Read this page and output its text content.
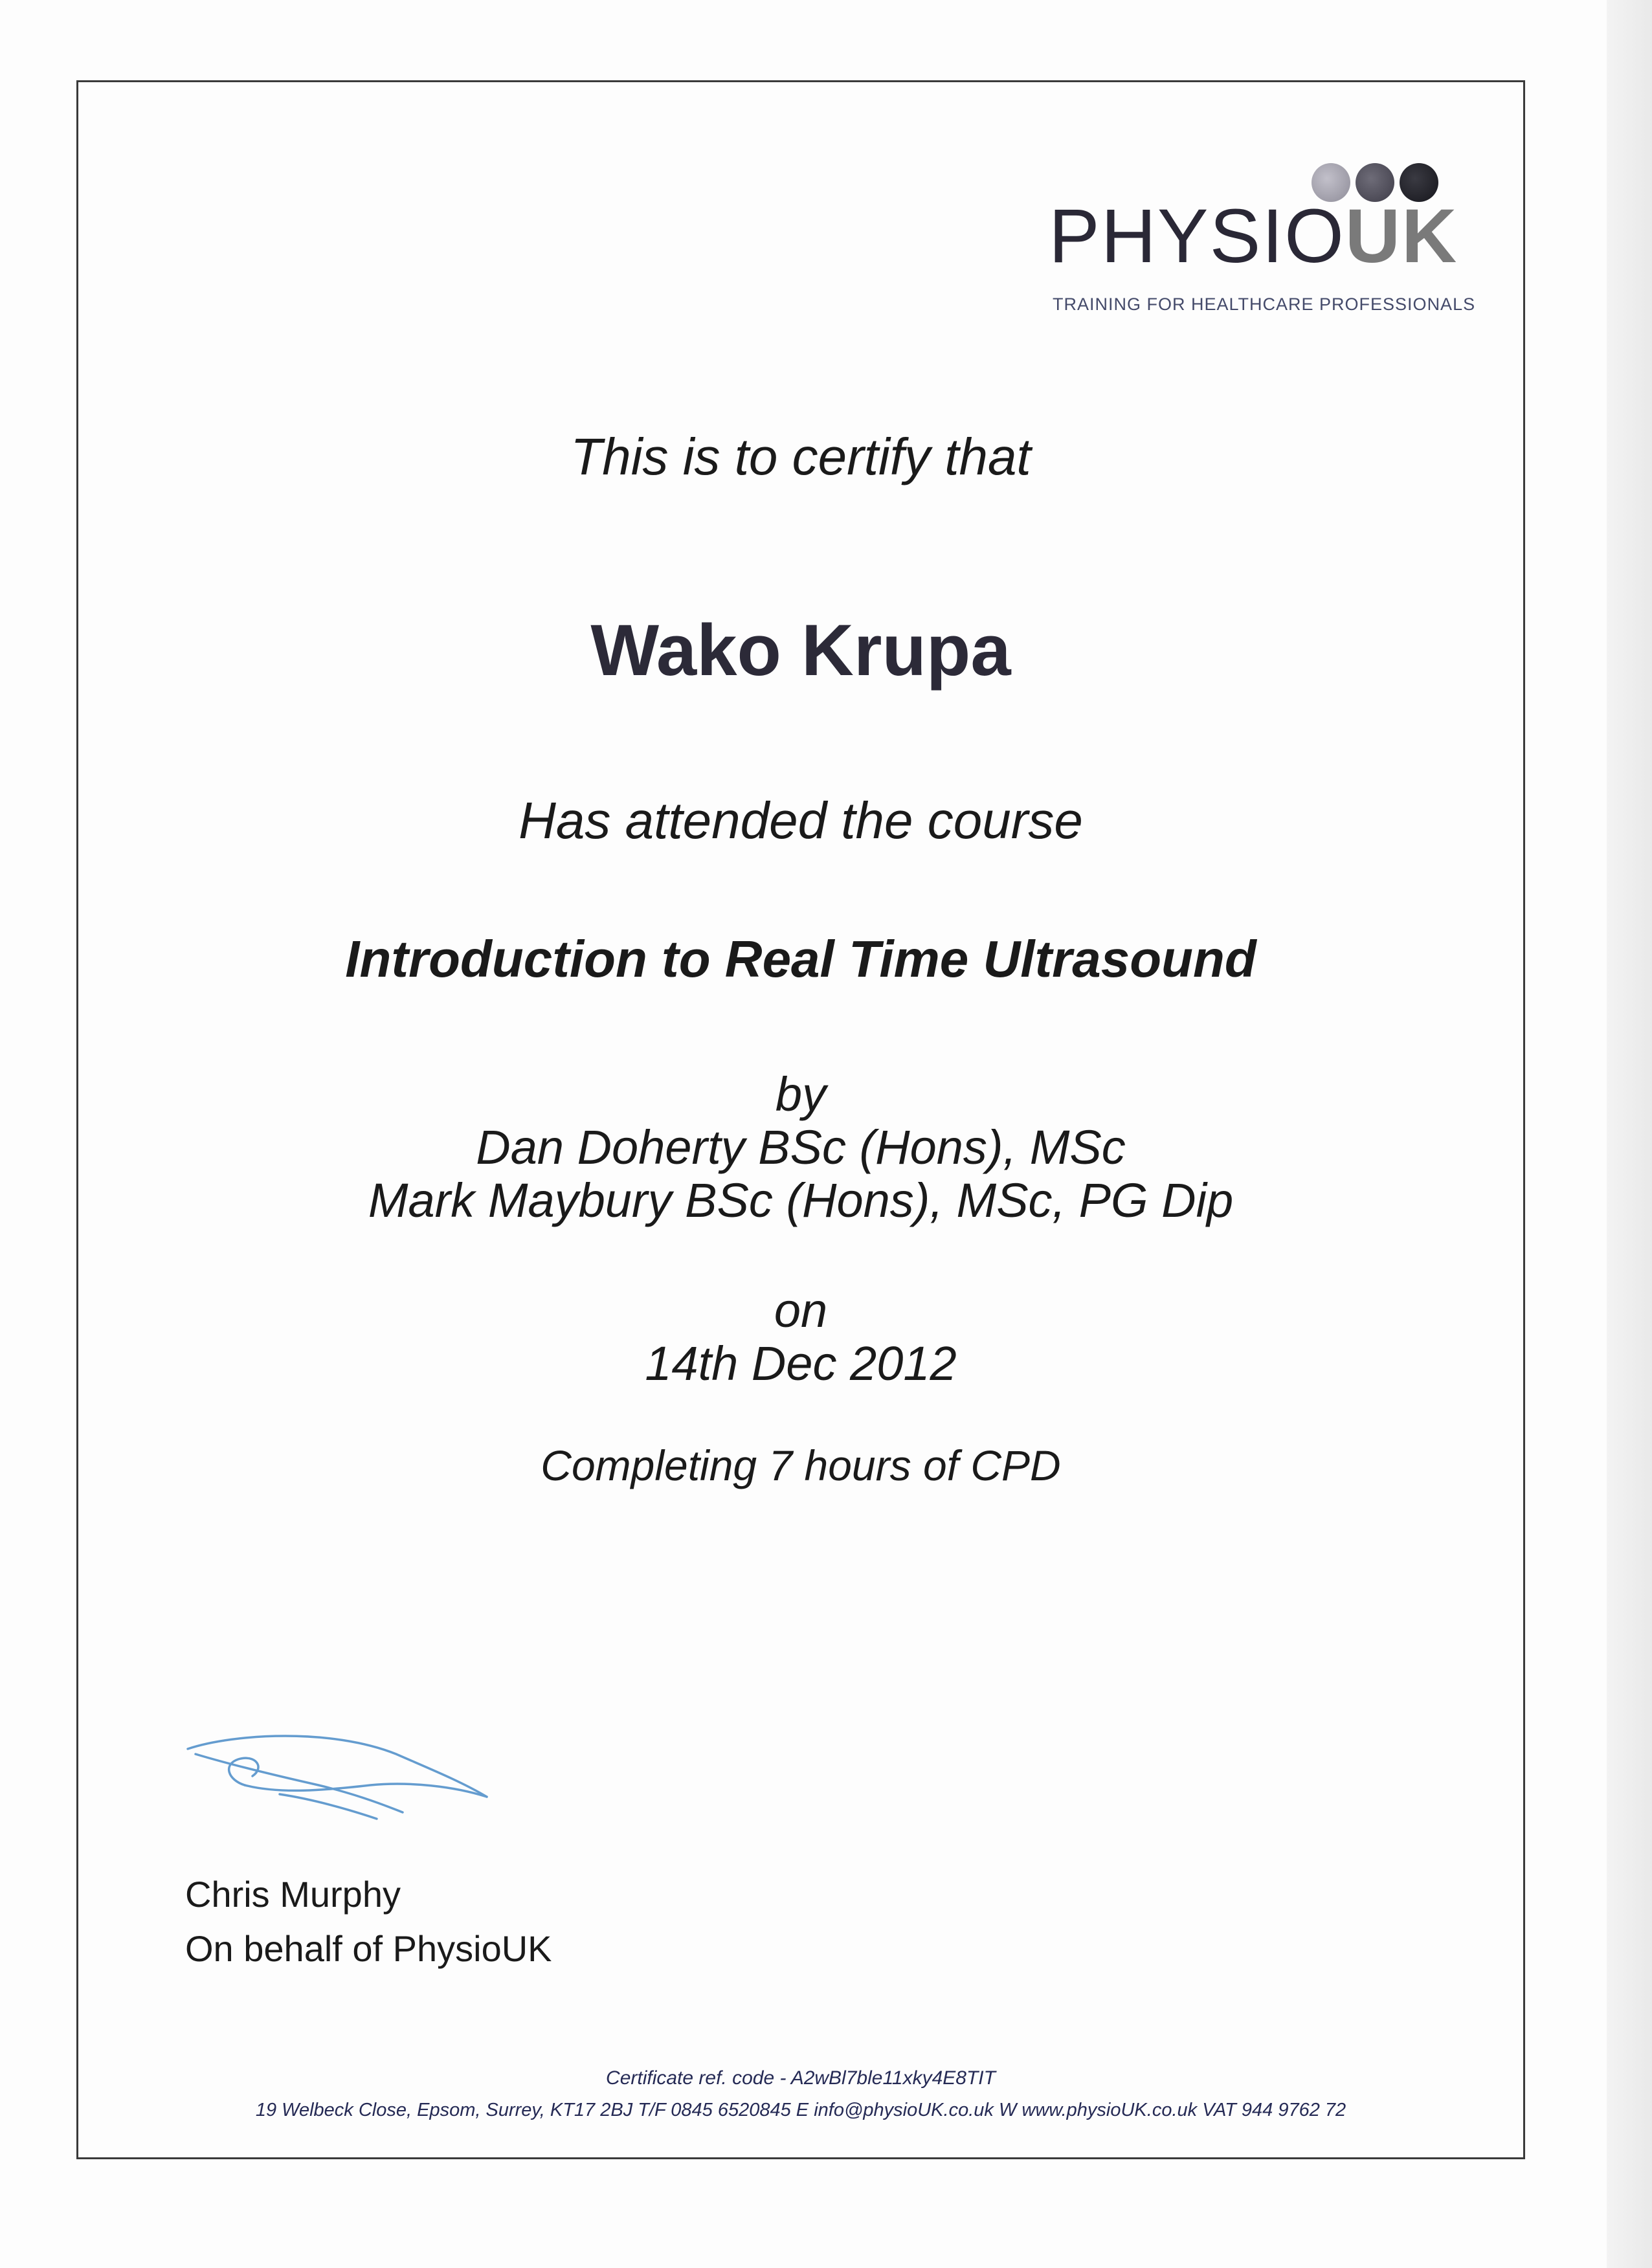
PHYSIOUK
TRAINING FOR HEALTHCARE PROFESSIONALS
This is to certify that
Wako Krupa
Has attended the course
Introduction to Real Time Ultrasound
by
Dan Doherty BSc (Hons), MSc
Mark Maybury BSc (Hons), MSc, PG Dip
on
14th Dec 2012
Completing 7 hours of CPD
Chris Murphy
On behalf of PhysioUK
Certificate ref. code - A2wBl7ble11xky4E8TIT
19 Welbeck Close, Epsom, Surrey, KT17 2BJ T/F 0845 6520845 E info@physioUK.co.uk W www.physioUK.co.uk VAT 944 9762 72
